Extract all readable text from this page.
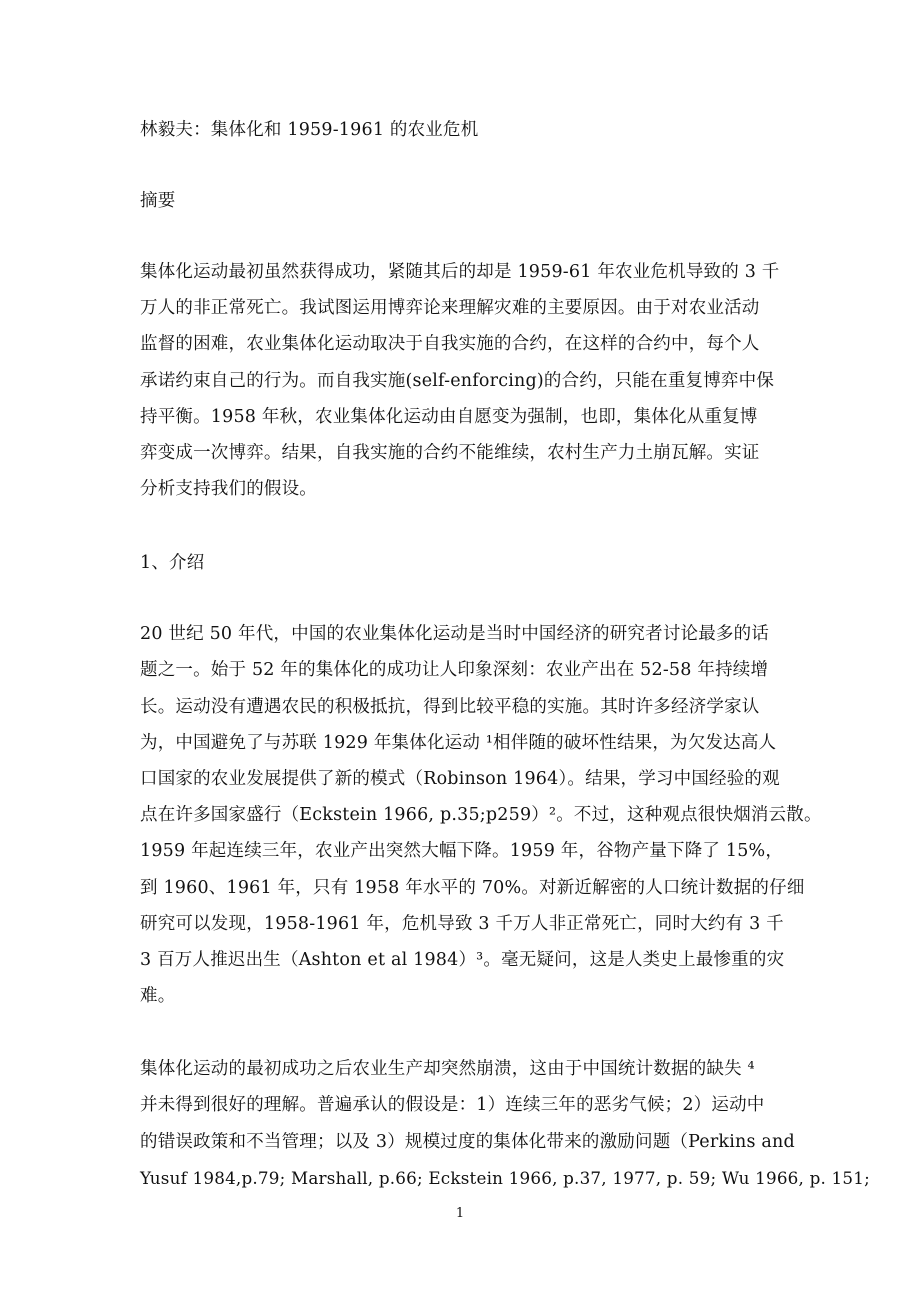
林毅夫：集体化和 1959-1961 的农业危机
摘要
集体化运动最初虽然获得成功，紧随其后的却是 1959-61 年农业危机导致的 3 千
万人的非正常死亡。我试图运用博弈论来理解灾难的主要原因。由于对农业活动
监督的困难，农业集体化运动取决于自我实施的合约，在这样的合约中，每个人
承诺约束自己的行为。而自我实施(self-enforcing)的合约，只能在重复博弈中保
持平衡。1958 年秋，农业集体化运动由自愿变为强制，也即，集体化从重复博
弈变成一次博弈。结果，自我实施的合约不能维续，农村生产力土崩瓦解。实证
分析支持我们的假设。
1、介绍
20 世纪 50 年代，中国的农业集体化运动是当时中国经济的研究者讨论最多的话
题之一。始于 52 年的集体化的成功让人印象深刻：农业产出在 52-58 年持续增
长。运动没有遭遇农民的积极抵抗，得到比较平稳的实施。其时许多经济学家认
为，中国避免了与苏联 1929 年集体化运动 ¹相伴随的破坏性结果，为欠发达高人
口国家的农业发展提供了新的模式（Robinson 1964）。结果，学习中国经验的观
点在许多国家盛行（Eckstein 1966, p.35;p259）²。不过，这种观点很快烟消云散。
1959 年起连续三年，农业产出突然大幅下降。1959 年，谷物产量下降了 15%，
到 1960、1961 年，只有 1958 年水平的 70%。对新近解密的人口统计数据的仔细
研究可以发现，1958-1961 年，危机导致 3 千万人非正常死亡，同时大约有 3 千
3 百万人推迟出生（Ashton et al 1984）³。毫无疑问，这是人类史上最惨重的灾
难。
集体化运动的最初成功之后农业生产却突然崩溃，这由于中国统计数据的缺失 ⁴
并未得到很好的理解。普遍承认的假设是：1）连续三年的恶劣气候；2）运动中
的错误政策和不当管理；以及 3）规模过度的集体化带来的激励问题（Perkins and
Yusuf 1984,p.79; Marshall, p.66; Eckstein 1966, p.37, 1977, p. 59; Wu 1966, p. 151;
1
